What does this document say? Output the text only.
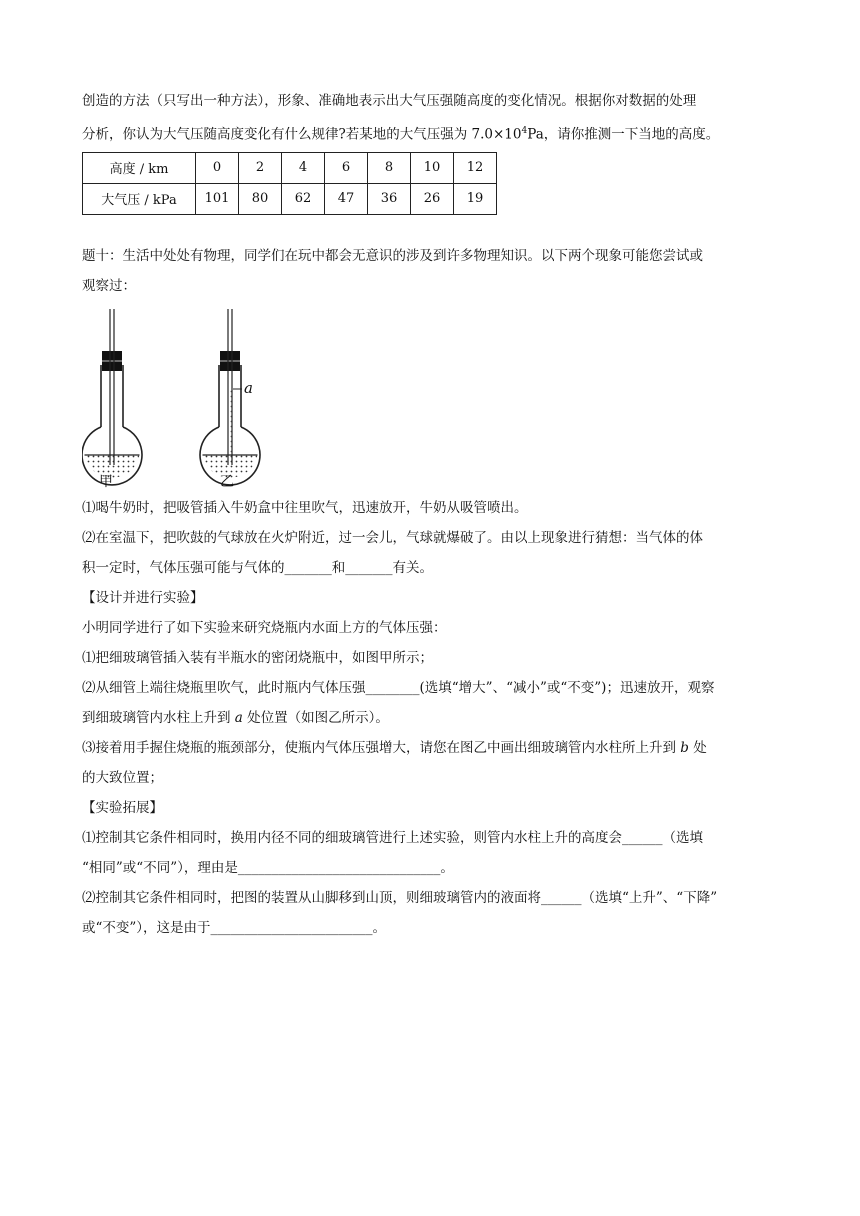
创造的方法（只写出一种方法），形象、准确地表示出大气压强随高度的变化情况。根据你对数据的处理

分析，你认为大气压随高度变化有什么规律?若某地的大气压强为 $7.0\times 10^4Pa$，请你推测一下当地的高度。

高度 / km	0	2	4	6	8	10	12
大气压 / kPa	101	80	62	47	36	26	19

题十：生活中处处有物理，同学们在玩中都会无意识的涉及到许多物理知识。以下两个现象可能您尝试或

观察过：

甲	乙
a

⑴喝牛奶时，把吸管插入牛奶盒中往里吹气，迅速放开，牛奶从吸管喷出。

⑵在室温下，把吹鼓的气球放在火炉附近，过一会儿，气球就爆破了。由以上现象进行猜想：当气体的体

积一定时，气体压强可能与气体的_______和_______有关。

【设计并进行实验】

小明同学进行了如下实验来研究烧瓶内水面上方的气体压强：

⑴把细玻璃管插入装有半瓶水的密闭烧瓶中，如图甲所示；

⑵从细管上端往烧瓶里吹气，此时瓶内气体压强________(选填“增大”、“减小”或“不变”)；迅速放开，观察

到细玻璃管内水柱上升到 a 处位置（如图乙所示）。

⑶接着用手握住烧瓶的瓶颈部分，使瓶内气体压强增大，请您在图乙中画出细玻璃管内水柱所上升到 b 处

的大致位置；

【实验拓展】

⑴控制其它条件相同时，换用内径不同的细玻璃管进行上述实验，则管内水柱上升的高度会______（选填

“相同”或“不同”），理由是______________________________。

⑵控制其它条件相同时，把图的装置从山脚移到山顶，则细玻璃管内的液面将______（选填“上升”、“下降”

或“不变”），这是由于________________________。
